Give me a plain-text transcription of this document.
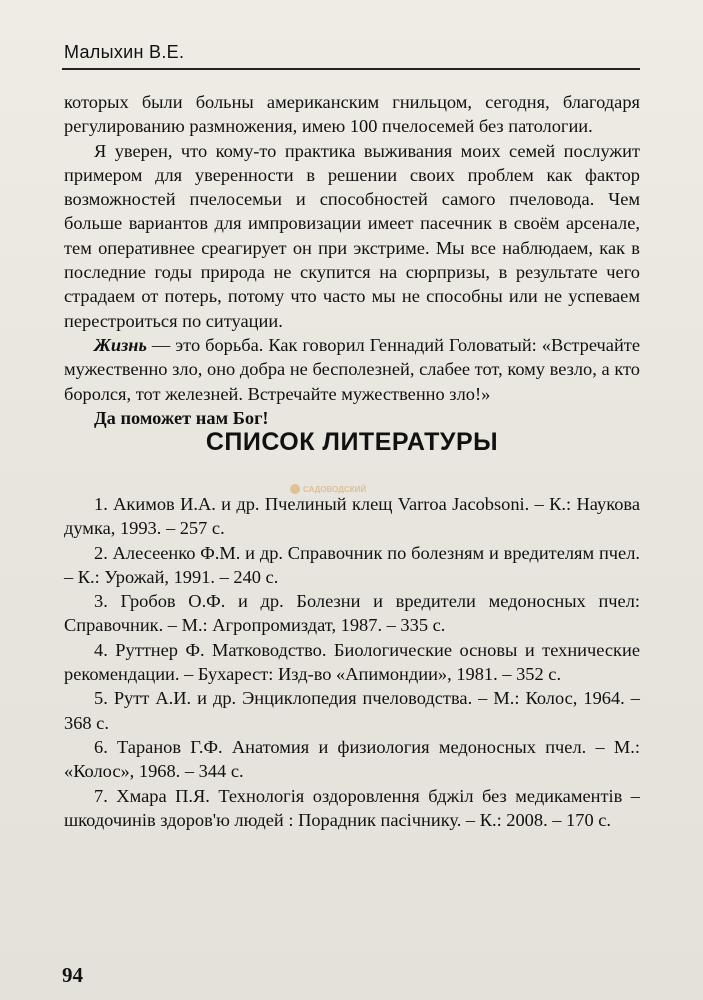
Малыхин В.Е.

которых были больны американским гнильцом, сегодня, благодаря регулированию размножения, имею 100 пчелосемей без патологии.

Я уверен, что кому-то практика выживания моих семей послужит примером для уверенности в решении своих проблем как фактор возможностей пчелосемьи и способностей самого пчеловода. Чем больше вариантов для импровизации имеет пасечник в своём арсенале, тем оперативнее среагирует он при экстриме. Мы все наблюдаем, как в последние годы природа не скупится на сюрпризы, в результате чего страдаем от потерь, потому что часто мы не способны или не успеваем перестроиться по ситуации.

Жизнь — это борьба. Как говорил Геннадий Головатый: «Встречайте мужественно зло, оно добра не бесполезней, слабее тот, кому везло, а кто боролся, тот железней. Встречайте мужественно зло!»

Да поможет нам Бог!

СПИСОК ЛИТЕРАТУРЫ
САДОВОДСКИЙ

1. Акимов И.А. и др. Пчелиный клещ Varroa Jacobsoni. – К.: Наукова думка, 1993. – 257 с.

2. Алесеенко Ф.М. и др. Справочник по болезням и вредителям пчел. – К.: Урожай, 1991. – 240 с.

3. Гробов О.Ф. и др. Болезни и вредители медоносных пчел: Справочник. – М.: Агропромиздат, 1987. – 335 с.

4. Руттнер Ф. Матководство. Биологические основы и технические рекомендации. – Бухарест: Изд-во «Апимондии», 1981. – 352 с.

5. Рутт А.И. и др. Энциклопедия пчеловодства. – М.: Колос, 1964. – 368 с.

6. Таранов Г.Ф. Анатомия и физиология медоносных пчел. – М.: «Колос», 1968. – 344 с.

7. Хмара П.Я. Технологія оздоровлення бджіл без медикаментів – шкодочинів здоров'ю людей : Порадник пасічнику. – К.: 2008. – 170 с.

94
